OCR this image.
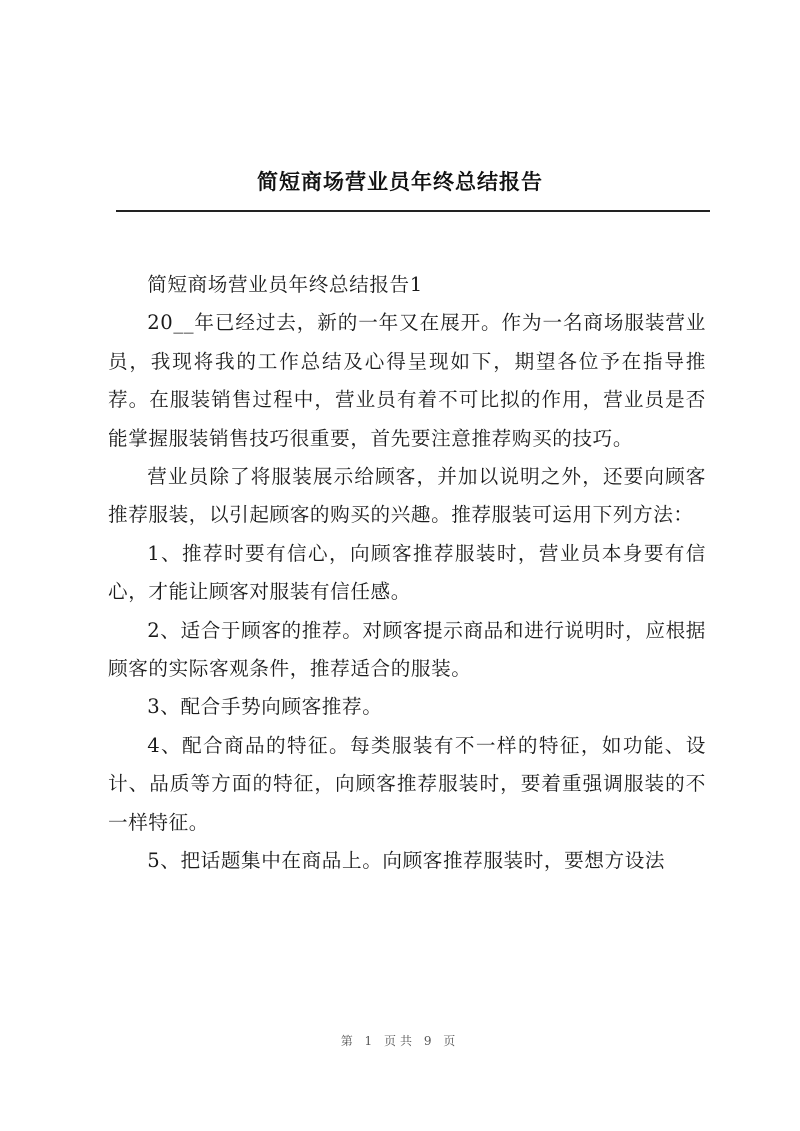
简短商场营业员年终总结报告

简短商场营业员年终总结报告1

20__年已经过去，新的一年又在展开。作为一名商场服装营业员，我现将我的工作总结及心得呈现如下，期望各位予在指导推荐。在服装销售过程中，营业员有着不可比拟的作用，营业员是否能掌握服装销售技巧很重要，首先要注意推荐购买的技巧。

营业员除了将服装展示给顾客，并加以说明之外，还要向顾客推荐服装，以引起顾客的购买的兴趣。推荐服装可运用下列方法：

1、推荐时要有信心，向顾客推荐服装时，营业员本身要有信心，才能让顾客对服装有信任感。

2、适合于顾客的推荐。对顾客提示商品和进行说明时，应根据顾客的实际客观条件，推荐适合的服装。

3、配合手势向顾客推荐。

4、配合商品的特征。每类服装有不一样的特征，如功能、设计、品质等方面的特征，向顾客推荐服装时，要着重强调服装的不一样特征。

5、把话题集中在商品上。向顾客推荐服装时，要想方设法

第 1 页共 9 页
